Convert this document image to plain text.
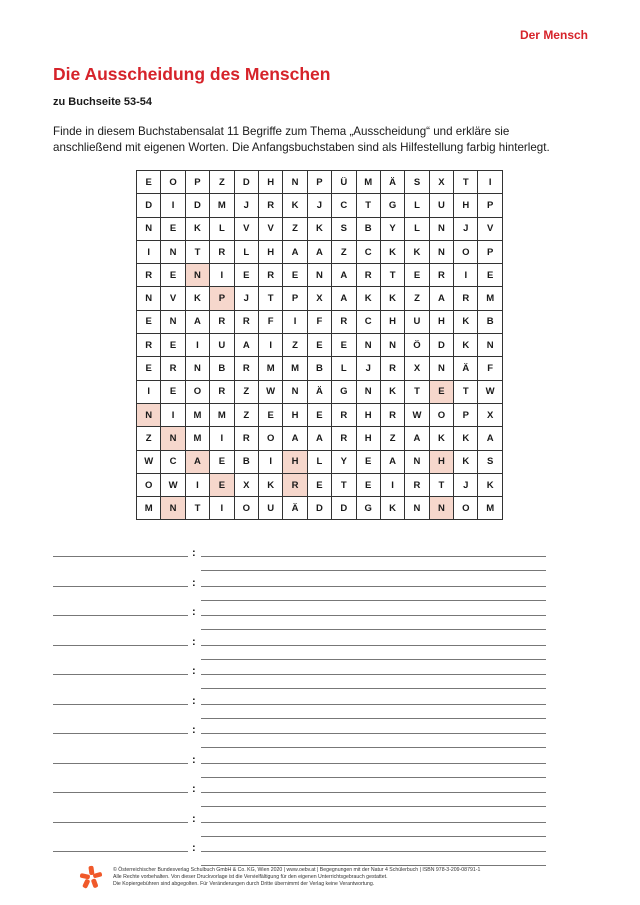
Der Mensch
Die Ausscheidung des Menschen
zu Buchseite 53-54
Finde in diesem Buchstabensalat 11 Begriffe zum Thema „Ausscheidung“ und erkläre sie anschließend mit eigenen Worten. Die Anfangsbuchstaben sind als Hilfestellung farbig hinterlegt.
E	O	P	Z	D	H	N	P	Ü	M	Ä	S	X	T	I
D	I	D	M	J	R	K	J	C	T	G	L	U	H	P
N	E	K	L	V	V	Z	K	S	B	Y	L	N	J	V
I	N	T	R	L	H	A	A	Z	C	K	K	N	O	P
R	E	N	I	E	R	E	N	A	R	T	E	R	I	E
N	V	K	P	J	T	P	X	A	K	K	Z	A	R	M
E	N	A	R	R	F	I	F	R	C	H	U	H	K	B
R	E	I	U	A	I	Z	E	E	N	N	Ö	D	K	N
E	R	N	B	R	M	M	B	L	J	R	X	N	Ä	F
I	E	O	R	Z	W	N	Ä	G	N	K	T	E	T	W
N	I	M	M	Z	E	H	E	R	H	R	W	O	P	X
Z	N	M	I	R	O	A	A	R	H	Z	A	K	K	A
W	C	A	E	B	I	H	L	Y	E	A	N	H	K	S
O	W	I	E	X	K	R	E	T	E	I	R	T	J	K
M	N	T	I	O	U	Ä	D	D	G	K	N	N	O	M
:
:
:
:
:
:
:
:
:
:
:
© Österreichischer Bundesverlag Schulbuch GmbH & Co. KG, Wien 2020 | www.oebv.at | Begegnungen mit der Natur 4 Schülerbuch | ISBN 978-3-209-08791-1
Alle Rechte vorbehalten. Von dieser Druckvorlage ist die Vervielfältigung für den eigenen Unterrichtsgebrauch gestattet.
Die Kopiergebühren sind abgegolten. Für Veränderungen durch Dritte übernimmt der Verlag keine Verantwortung.
